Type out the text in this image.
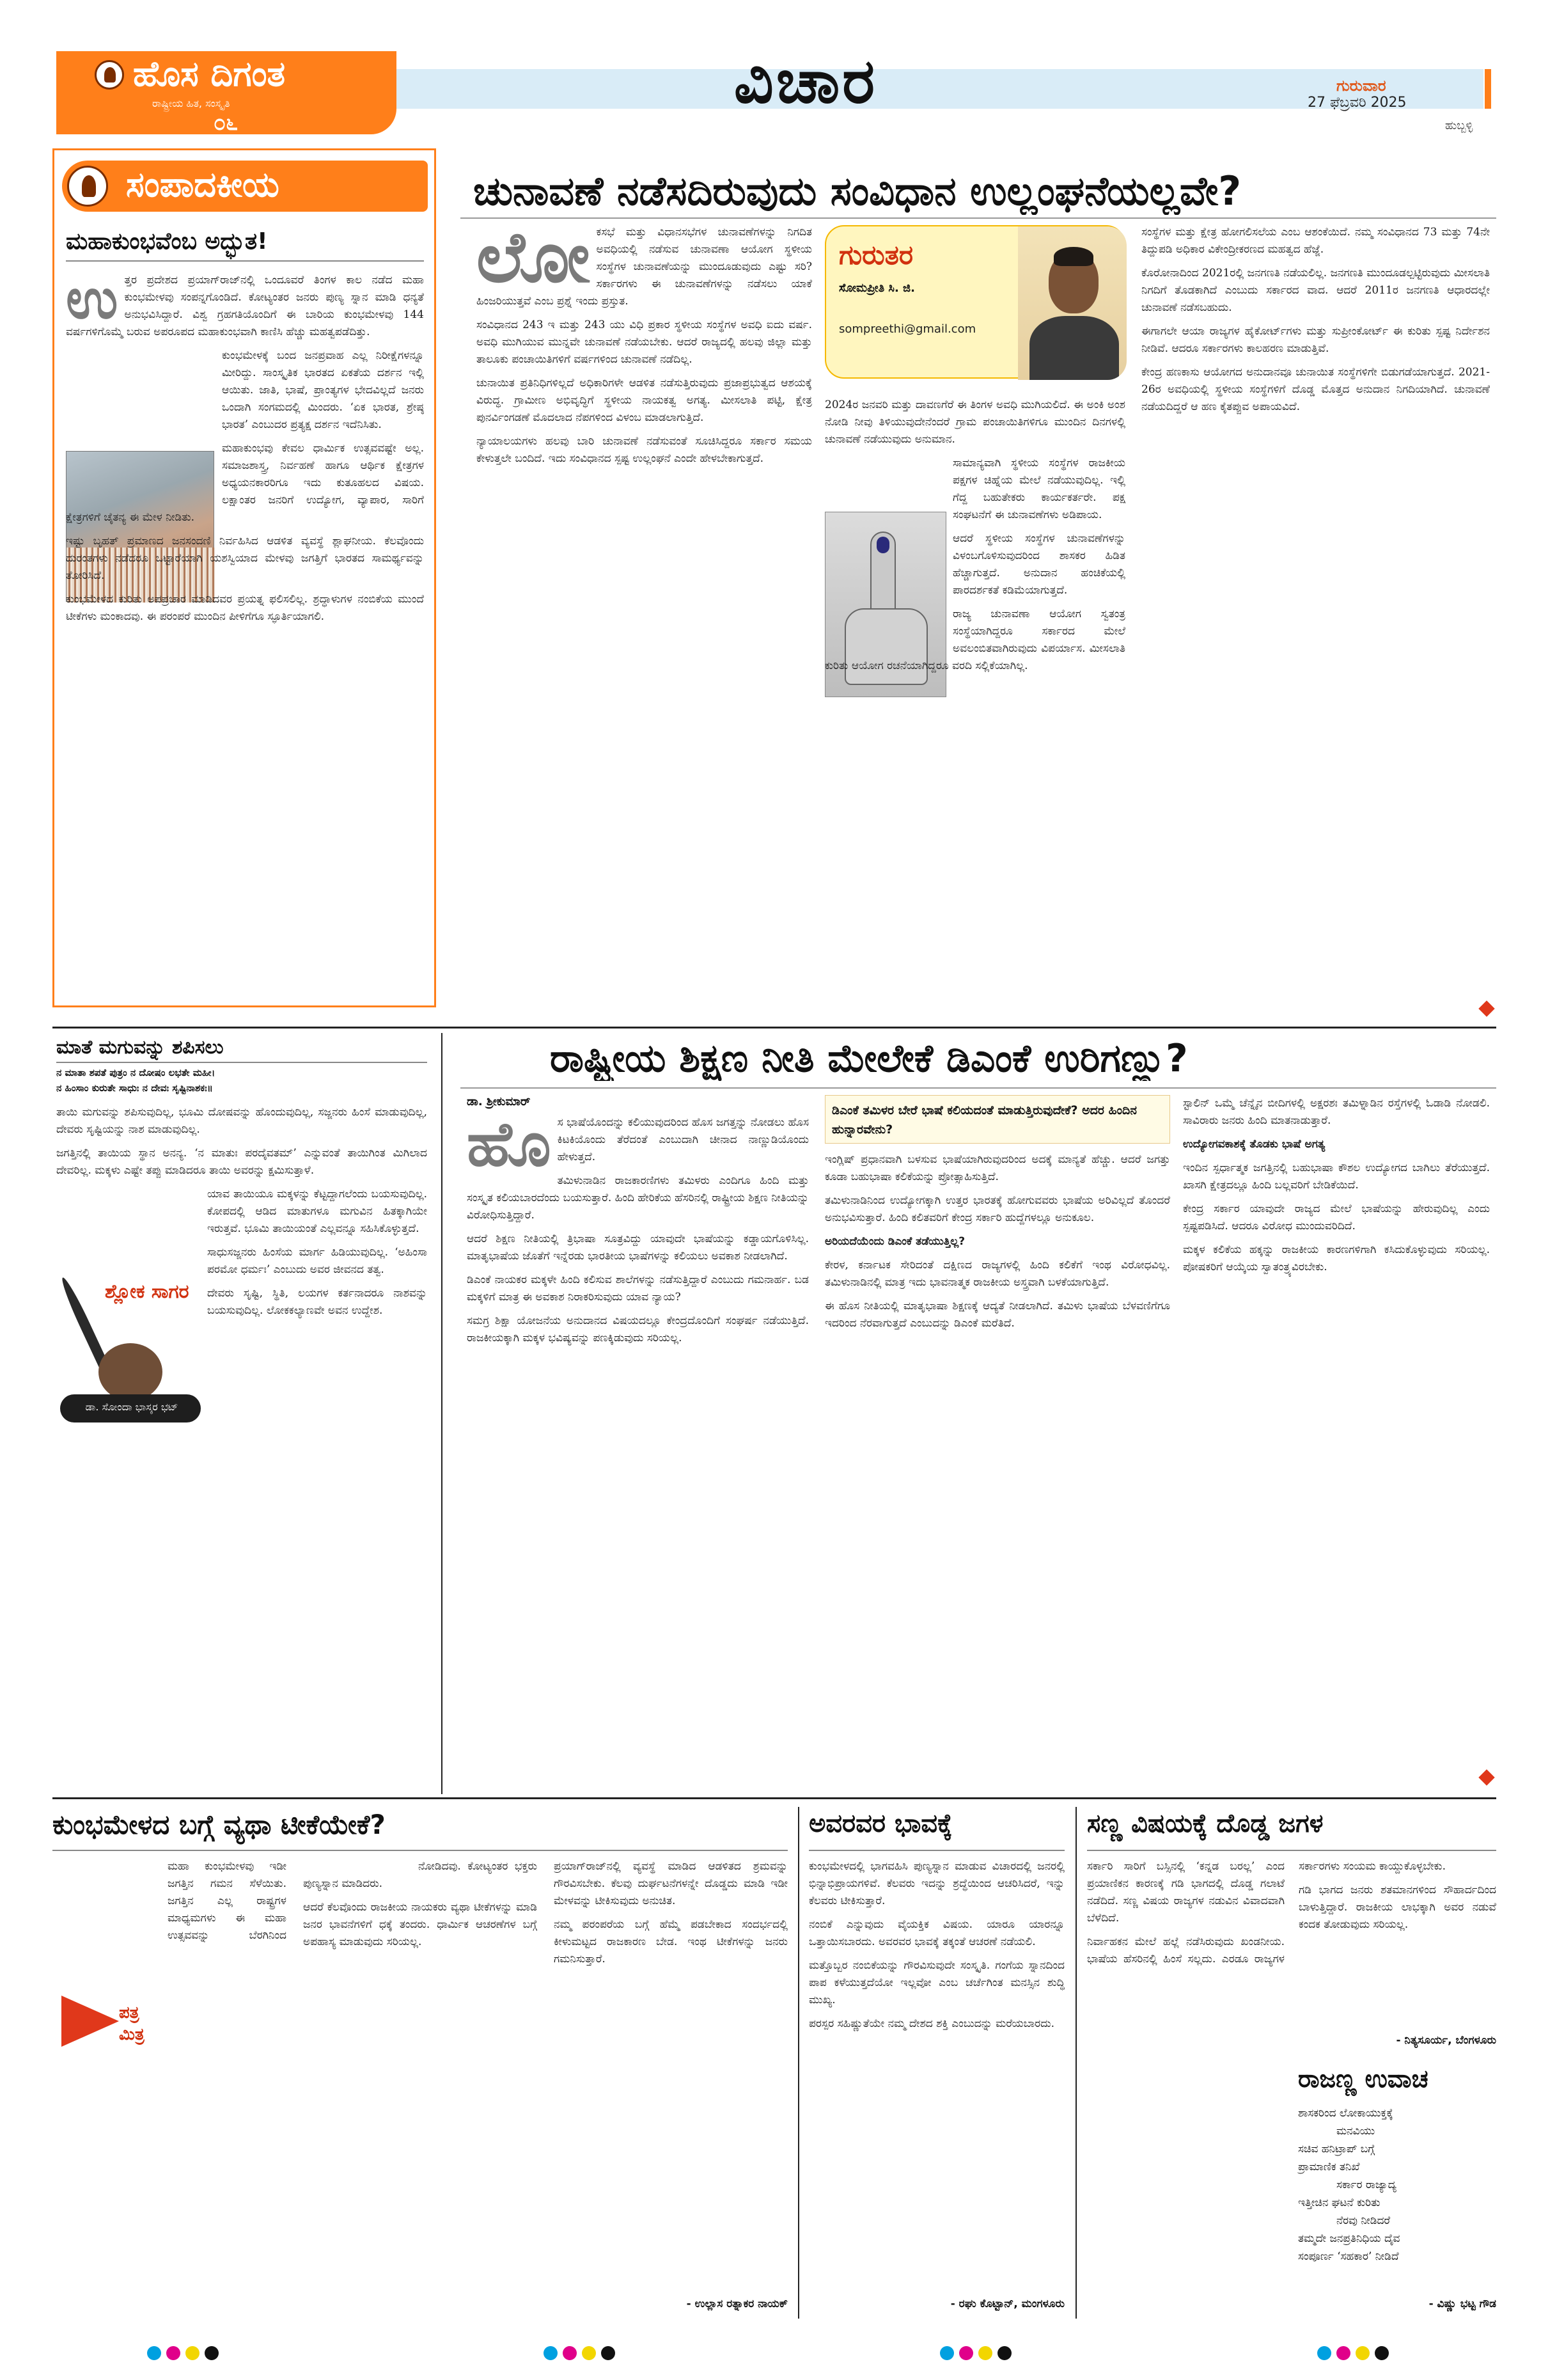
ಹೊಸ ದಿಗಂತ
ರಾಷ್ಟ್ರೀಯ ಹಿತ, ಸಂಸ್ಕೃತಿ
೦೬
ವಿಚಾರ	ಗುರುವಾರ
27 ಫೆಬ್ರವರಿ 2025
ಹುಬ್ಬಳ್ಳಿ
ಸಂಪಾದಕೀಯ
ಮಹಾಕುಂಭವೆಂಬ ಅದ್ಭುತ!
ಉ ತ್ತರ ಪ್ರದೇಶದ ಪ್ರಯಾಗ್‌ರಾಜ್‌ನಲ್ಲಿ ಒಂದೂವರೆ ತಿಂಗಳ ಕಾಲ ನಡೆದ ಮಹಾ ಕುಂಭಮೇಳವು ಸಂಪನ್ನಗೊಂಡಿದೆ. ಕೋಟ್ಯಂತರ ಜನರು ಪುಣ್ಯ ಸ್ನಾನ ಮಾಡಿ ಧನ್ಯತೆ ಅನುಭವಿಸಿದ್ದಾರೆ. ವಿಶ್ವ ಗ್ರಹಗತಿಯೊಂದಿಗೆ ಈ ಬಾರಿಯ ಕುಂಭಮೇಳವು 144 ವರ್ಷಗಳಿಗೊಮ್ಮೆ ಬರುವ ಅಪರೂಪದ ಮಹಾಕುಂಭವಾಗಿ ಕಾಣಿಸಿ ಹೆಚ್ಚು ಮಹತ್ವಪಡೆದಿತ್ತು.

ಕುಂಭಮೇಳಕ್ಕೆ ಬಂದ ಜನಪ್ರವಾಹ ಎಲ್ಲ ನಿರೀಕ್ಷೆಗಳನ್ನೂ ಮೀರಿದ್ದು. ಸಾಂಸ್ಕೃತಿಕ ಭಾರತದ ಏಕತೆಯ ದರ್ಶನ ಇಲ್ಲಿ ಆಯಿತು. ಜಾತಿ, ಭಾಷೆ, ಪ್ರಾಂತ್ಯಗಳ ಭೇದವಿಲ್ಲದೆ ಜನರು ಒಂದಾಗಿ ಸಂಗಮದಲ್ಲಿ ಮಿಂದರು. ‘ಏಕ ಭಾರತ, ಶ್ರೇಷ್ಠ ಭಾರತ’ ಎಂಬುದರ ಪ್ರತ್ಯಕ್ಷ ದರ್ಶನ ಇದೆನಿಸಿತು.

ಮಹಾಕುಂಭವು ಕೇವಲ ಧಾರ್ಮಿಕ ಉತ್ಸವವಷ್ಟೇ ಅಲ್ಲ. ಸಮಾಜಶಾಸ್ತ್ರ, ನಿರ್ವಹಣೆ ಹಾಗೂ ಆರ್ಥಿಕ ಕ್ಷೇತ್ರಗಳ ಅಧ್ಯಯನಕಾರರಿಗೂ ಇದು ಕುತೂಹಲದ ವಿಷಯ. ಲಕ್ಷಾಂತರ ಜನರಿಗೆ ಉದ್ಯೋಗ, ವ್ಯಾಪಾರ, ಸಾರಿಗೆ ಕ್ಷೇತ್ರಗಳಿಗೆ ಚೈತನ್ಯ ಈ ಮೇಳ ನೀಡಿತು.

ಇಷ್ಟು ಬೃಹತ್ ಪ್ರಮಾಣದ ಜನಸಂದಣಿ ನಿರ್ವಹಿಸಿದ ಆಡಳಿತ ವ್ಯವಸ್ಥೆ ಶ್ಲಾಘನೀಯ. ಕೆಲವೊಂದು ದುರಂತಗಳು ನಡೆದರೂ ಒಟ್ಟಾರೆಯಾಗಿ ಯಶಸ್ವಿಯಾದ ಮೇಳವು ಜಗತ್ತಿಗೆ ಭಾರತದ ಸಾಮರ್ಥ್ಯವನ್ನು ತೋರಿಸಿದೆ.

ಕುಂಭಮೇಳದ ಕುರಿತು ಅಪಪ್ರಚಾರ ಮಾಡಿದವರ ಪ್ರಯತ್ನ ಫಲಿಸಲಿಲ್ಲ. ಶ್ರದ್ಧಾಳುಗಳ ನಂಬಿಕೆಯ ಮುಂದೆ ಟೀಕೆಗಳು ಮಂಕಾದವು. ಈ ಪರಂಪರೆ ಮುಂದಿನ ಪೀಳಿಗೆಗೂ ಸ್ಫೂರ್ತಿಯಾಗಲಿ.

ಚುನಾವಣೆ ನಡೆಸದಿರುವುದು ಸಂವಿಧಾನ ಉಲ್ಲಂಘನೆಯಲ್ಲವೇ?
ಲೋ ಕಸಭೆ ಮತ್ತು ವಿಧಾನಸಭೆಗಳ ಚುನಾವಣೆಗಳನ್ನು ನಿಗದಿತ ಅವಧಿಯಲ್ಲಿ ನಡೆಸುವ ಚುನಾವಣಾ ಆಯೋಗ ಸ್ಥಳೀಯ ಸಂಸ್ಥೆಗಳ ಚುನಾವಣೆಯನ್ನು ಮುಂದೂಡುವುದು ಎಷ್ಟು ಸರಿ? ಸರ್ಕಾರಗಳು ಈ ಚುನಾವಣೆಗಳನ್ನು ನಡೆಸಲು ಯಾಕೆ ಹಿಂಜರಿಯುತ್ತವೆ ಎಂಬ ಪ್ರಶ್ನೆ ಇಂದು ಪ್ರಸ್ತುತ.

ಸಂವಿಧಾನದ 243 ಇ ಮತ್ತು 243 ಯು ವಿಧಿ ಪ್ರಕಾರ ಸ್ಥಳೀಯ ಸಂಸ್ಥೆಗಳ ಅವಧಿ ಐದು ವರ್ಷ. ಅವಧಿ ಮುಗಿಯುವ ಮುನ್ನವೇ ಚುನಾವಣೆ ನಡೆಯಬೇಕು. ಆದರೆ ರಾಜ್ಯದಲ್ಲಿ ಹಲವು ಜಿಲ್ಲಾ ಮತ್ತು ತಾಲೂಕು ಪಂಚಾಯಿತಿಗಳಿಗೆ ವರ್ಷಗಳಿಂದ ಚುನಾವಣೆ ನಡೆದಿಲ್ಲ.

ಚುನಾಯಿತ ಪ್ರತಿನಿಧಿಗಳಿಲ್ಲದೆ ಅಧಿಕಾರಿಗಳೇ ಆಡಳಿತ ನಡೆಸುತ್ತಿರುವುದು ಪ್ರಜಾಪ್ರಭುತ್ವದ ಆಶಯಕ್ಕೆ ವಿರುದ್ಧ. ಗ್ರಾಮೀಣ ಅಭಿವೃದ್ಧಿಗೆ ಸ್ಥಳೀಯ ನಾಯಕತ್ವ ಅಗತ್ಯ. ಮೀಸಲಾತಿ ಪಟ್ಟಿ, ಕ್ಷೇತ್ರ ಪುನರ್ವಿಂಗಡಣೆ ಮೊದಲಾದ ನೆಪಗಳಿಂದ ವಿಳಂಬ ಮಾಡಲಾಗುತ್ತಿದೆ.

ನ್ಯಾಯಾಲಯಗಳು ಹಲವು ಬಾರಿ ಚುನಾವಣೆ ನಡೆಸುವಂತೆ ಸೂಚಿಸಿದ್ದರೂ ಸರ್ಕಾರ ಸಮಯ ಕೇಳುತ್ತಲೇ ಬಂದಿದೆ. ಇದು ಸಂವಿಧಾನದ ಸ್ಪಷ್ಟ ಉಲ್ಲಂಘನೆ ಎಂದೇ ಹೇಳಬೇಕಾಗುತ್ತದೆ.

ಗುರುತರ
ಸೋಮಪ್ರೀತಿ ಸಿ. ಜಿ.
sompreethi@gmail.com

2024ರ ಜನವರಿ ಮತ್ತು ದಾವಣಗೆರೆ ಈ ತಿಂಗಳ ಅವಧಿ ಮುಗಿಯಲಿದೆ. ಈ ಅಂಕಿ ಅಂಶ ನೋಡಿ ನೀವು ತಿಳಿಯುವುದೇನೆಂದರೆ ಗ್ರಾಮ ಪಂಚಾಯಿತಿಗಳಿಗೂ ಮುಂದಿನ ದಿನಗಳಲ್ಲಿ ಚುನಾವಣೆ ನಡೆಯುವುದು ಅನುಮಾನ.

ಸಾಮಾನ್ಯವಾಗಿ ಸ್ಥಳೀಯ ಸಂಸ್ಥೆಗಳ ರಾಜಕೀಯ ಪಕ್ಷಗಳ ಚಿಹ್ನೆಯ ಮೇಲೆ ನಡೆಯುವುದಿಲ್ಲ. ಇಲ್ಲಿ ಗೆದ್ದ ಬಹುತೇಕರು ಕಾರ್ಯಕರ್ತರೇ. ಪಕ್ಷ ಸಂಘಟನೆಗೆ ಈ ಚುನಾವಣೆಗಳು ಅಡಿಪಾಯ.

ಆದರೆ ಸ್ಥಳೀಯ ಸಂಸ್ಥೆಗಳ ಚುನಾವಣೆಗಳನ್ನು ವಿಳಂಬಗೊಳಿಸುವುದರಿಂದ ಶಾಸಕರ ಹಿಡಿತ ಹೆಚ್ಚಾಗುತ್ತದೆ. ಅನುದಾನ ಹಂಚಿಕೆಯಲ್ಲಿ ಪಾರದರ್ಶಕತೆ ಕಡಿಮೆಯಾಗುತ್ತದೆ.

ರಾಜ್ಯ ಚುನಾವಣಾ ಆಯೋಗ ಸ್ವತಂತ್ರ ಸಂಸ್ಥೆಯಾಗಿದ್ದರೂ ಸರ್ಕಾರದ ಮೇಲೆ ಅವಲಂಬಿತವಾಗಿರುವುದು ವಿಪರ್ಯಾಸ. ಮೀಸಲಾತಿ ಕುರಿತು ಆಯೋಗ ರಚನೆಯಾಗಿದ್ದರೂ ವರದಿ ಸಲ್ಲಿಕೆಯಾಗಿಲ್ಲ.

ಸಂಸ್ಥೆಗಳ ಮತ್ತು ಕ್ಷೇತ್ರ ಹೋಗಲಿಸಲೆಯ ಎಂಬ ಆಶಂಕೆಯಿದೆ. ನಮ್ಮ ಸಂವಿಧಾನದ 73 ಮತ್ತು 74ನೇ ತಿದ್ದುಪಡಿ ಅಧಿಕಾರ ವಿಕೇಂದ್ರೀಕರಣದ ಮಹತ್ವದ ಹೆಜ್ಜೆ.

ಕೊರೋನಾದಿಂದ 2021ರಲ್ಲಿ ಜನಗಣತಿ ನಡೆಯಲಿಲ್ಲ. ಜನಗಣತಿ ಮುಂದೂಡಲ್ಪಟ್ಟಿರುವುದು ಮೀಸಲಾತಿ ನಿಗದಿಗೆ ತೊಡಕಾಗಿದೆ ಎಂಬುದು ಸರ್ಕಾರದ ವಾದ. ಆದರೆ 2011ರ ಜನಗಣತಿ ಆಧಾರದಲ್ಲೇ ಚುನಾವಣೆ ನಡೆಸಬಹುದು.

ಈಗಾಗಲೇ ಆಯಾ ರಾಜ್ಯಗಳ ಹೈಕೋರ್ಟ್‌ಗಳು ಮತ್ತು ಸುಪ್ರೀಂಕೋರ್ಟ್ ಈ ಕುರಿತು ಸ್ಪಷ್ಟ ನಿರ್ದೇಶನ ನೀಡಿವೆ. ಆದರೂ ಸರ್ಕಾರಗಳು ಕಾಲಹರಣ ಮಾಡುತ್ತಿವೆ.

ಕೇಂದ್ರ ಹಣಕಾಸು ಆಯೋಗದ ಅನುದಾನವೂ ಚುನಾಯಿತ ಸಂಸ್ಥೆಗಳಿಗೇ ಬಿಡುಗಡೆಯಾಗುತ್ತದೆ. 2021-26ರ ಅವಧಿಯಲ್ಲಿ ಸ್ಥಳೀಯ ಸಂಸ್ಥೆಗಳಿಗೆ ದೊಡ್ಡ ಮೊತ್ತದ ಅನುದಾನ ನಿಗದಿಯಾಗಿದೆ. ಚುನಾವಣೆ ನಡೆಯದಿದ್ದರೆ ಆ ಹಣ ಕೈತಪ್ಪುವ ಅಪಾಯವಿದೆ.

ಮಾತೆ ಮಗುವನ್ನು ಶಪಿಸಲು
ನ ಮಾತಾ ಶಪತೆ ಪುತ್ರಂ ನ ದೋಷಂ ಲಭತೇ ಮಹೀ।
ನ ಹಿಂಸಾಂ ಕುರುತೇ ಸಾಧುಃ ನ ದೇವಃ ಸೃಷ್ಟಿನಾಶಕಃ॥
ಶ್ಲೋಕ ಸಾಗರ
ಡಾ. ಸೋಂದಾ ಭಾಸ್ಕರ ಭಟ್

ತಾಯಿ ಮಗುವನ್ನು ಶಪಿಸುವುದಿಲ್ಲ, ಭೂಮಿ ದೋಷವನ್ನು ಹೊಂದುವುದಿಲ್ಲ, ಸಜ್ಜನರು ಹಿಂಸೆ ಮಾಡುವುದಿಲ್ಲ, ದೇವರು ಸೃಷ್ಟಿಯನ್ನು ನಾಶ ಮಾಡುವುದಿಲ್ಲ.

ಜಗತ್ತಿನಲ್ಲಿ ತಾಯಿಯ ಸ್ಥಾನ ಅನನ್ಯ. ‘ನ ಮಾತುಃ ಪರದೈವತಮ್’ ಎನ್ನುವಂತೆ ತಾಯಿಗಿಂತ ಮಿಗಿಲಾದ ದೇವರಿಲ್ಲ. ಮಕ್ಕಳು ಎಷ್ಟೇ ತಪ್ಪು ಮಾಡಿದರೂ ತಾಯಿ ಅವರನ್ನು ಕ್ಷಮಿಸುತ್ತಾಳೆ.

ಯಾವ ತಾಯಿಯೂ ಮಕ್ಕಳನ್ನು ಕೆಟ್ಟದ್ದಾಗಲೆಂದು ಬಯಸುವುದಿಲ್ಲ. ಕೋಪದಲ್ಲಿ ಆಡಿದ ಮಾತುಗಳೂ ಮಗುವಿನ ಹಿತಕ್ಕಾಗಿಯೇ ಇರುತ್ತವೆ. ಭೂಮಿ ತಾಯಿಯಂತೆ ಎಲ್ಲವನ್ನೂ ಸಹಿಸಿಕೊಳ್ಳುತ್ತದೆ.

ಸಾಧುಸಜ್ಜನರು ಹಿಂಸೆಯ ಮಾರ್ಗ ಹಿಡಿಯುವುದಿಲ್ಲ. ‘ಅಹಿಂಸಾ ಪರಮೋ ಧರ್ಮಃ’ ಎಂಬುದು ಅವರ ಜೀವನದ ತತ್ವ.

ದೇವರು ಸೃಷ್ಟಿ, ಸ್ಥಿತಿ, ಲಯಗಳ ಕರ್ತನಾದರೂ ನಾಶವನ್ನು ಬಯಸುವುದಿಲ್ಲ. ಲೋಕಕಲ್ಯಾಣವೇ ಅವನ ಉದ್ದೇಶ.

ರಾಷ್ಟ್ರೀಯ ಶಿಕ್ಷಣ ನೀತಿ ಮೇಲೇಕೆ ಡಿಎಂಕೆ ಉರಿಗಣ್ಣು?
ಡಾ. ಶ್ರೀಕುಮಾರ್
ಹೊ ಸ ಭಾಷೆಯೊಂದನ್ನು ಕಲಿಯುವುದರಿಂದ ಹೊಸ ಜಗತ್ತನ್ನು ನೋಡಲು ಹೊಸ ಕಿಟಕಿಯೊಂದು ತೆರೆದಂತೆ ಎಂಬುದಾಗಿ ಚೀನಾದ ನಾಣ್ಣುಡಿಯೊಂದು ಹೇಳುತ್ತದೆ.

ತಮಿಳುನಾಡಿನ ರಾಜಕಾರಣಿಗಳು ತಮಿಳರು ಎಂದಿಗೂ ಹಿಂದಿ ಮತ್ತು ಸಂಸ್ಕೃತ ಕಲಿಯಬಾರದೆಂದು ಬಯಸುತ್ತಾರೆ. ಹಿಂದಿ ಹೇರಿಕೆಯ ಹೆಸರಿನಲ್ಲಿ ರಾಷ್ಟ್ರೀಯ ಶಿಕ್ಷಣ ನೀತಿಯನ್ನು ವಿರೋಧಿಸುತ್ತಿದ್ದಾರೆ.

ಆದರೆ ಶಿಕ್ಷಣ ನೀತಿಯಲ್ಲಿ ತ್ರಿಭಾಷಾ ಸೂತ್ರವಿದ್ದು ಯಾವುದೇ ಭಾಷೆಯನ್ನು ಕಡ್ಡಾಯಗೊಳಿಸಿಲ್ಲ. ಮಾತೃಭಾಷೆಯ ಜೊತೆಗೆ ಇನ್ನೆರಡು ಭಾರತೀಯ ಭಾಷೆಗಳನ್ನು ಕಲಿಯಲು ಅವಕಾಶ ನೀಡಲಾಗಿದೆ.

ಡಿಎಂಕೆ ನಾಯಕರ ಮಕ್ಕಳೇ ಹಿಂದಿ ಕಲಿಸುವ ಶಾಲೆಗಳನ್ನು ನಡೆಸುತ್ತಿದ್ದಾರೆ ಎಂಬುದು ಗಮನಾರ್ಹ. ಬಡ ಮಕ್ಕಳಿಗೆ ಮಾತ್ರ ಈ ಅವಕಾಶ ನಿರಾಕರಿಸುವುದು ಯಾವ ನ್ಯಾಯ?

ಸಮಗ್ರ ಶಿಕ್ಷಾ ಯೋಜನೆಯ ಅನುದಾನದ ವಿಷಯದಲ್ಲೂ ಕೇಂದ್ರದೊಂದಿಗೆ ಸಂಘರ್ಷ ನಡೆಯುತ್ತಿದೆ. ರಾಜಕೀಯಕ್ಕಾಗಿ ಮಕ್ಕಳ ಭವಿಷ್ಯವನ್ನು ಪಣಕ್ಕಿಡುವುದು ಸರಿಯಲ್ಲ.

ಡಿಎಂಕೆ ತಮಿಳರ ಬೇರೆ ಭಾಷೆ ಕಲಿಯದಂತೆ ಮಾಡುತ್ತಿರುವುದೇಕೆ? ಅದರ ಹಿಂದಿನ ಹುನ್ನಾರವೇನು?

ಇಂಗ್ಲಿಷ್ ಪ್ರಧಾನವಾಗಿ ಬಳಸುವ ಭಾಷೆಯಾಗಿರುವುದರಿಂದ ಅದಕ್ಕೆ ಮಾನ್ಯತೆ ಹೆಚ್ಚು. ಆದರೆ ಜಗತ್ತು ಕೂಡಾ ಬಹುಭಾಷಾ ಕಲಿಕೆಯನ್ನು ಪ್ರೋತ್ಸಾಹಿಸುತ್ತಿದೆ.

ತಮಿಳುನಾಡಿನಿಂದ ಉದ್ಯೋಗಕ್ಕಾಗಿ ಉತ್ತರ ಭಾರತಕ್ಕೆ ಹೋಗುವವರು ಭಾಷೆಯ ಅರಿವಿಲ್ಲದೆ ತೊಂದರೆ ಅನುಭವಿಸುತ್ತಾರೆ. ಹಿಂದಿ ಕಲಿತವರಿಗೆ ಕೇಂದ್ರ ಸರ್ಕಾರಿ ಹುದ್ದೆಗಳಲ್ಲೂ ಅನುಕೂಲ.

ಅರಿಯದೆಯೆಂದು ಡಿಎಂಕೆ ತಡೆಯುತ್ತಿಲ್ಲ?

ಕೇರಳ, ಕರ್ನಾಟಕ ಸೇರಿದಂತೆ ದಕ್ಷಿಣದ ರಾಜ್ಯಗಳಲ್ಲಿ ಹಿಂದಿ ಕಲಿಕೆಗೆ ಇಂಥ ವಿರೋಧವಿಲ್ಲ. ತಮಿಳುನಾಡಿನಲ್ಲಿ ಮಾತ್ರ ಇದು ಭಾವನಾತ್ಮಕ ರಾಜಕೀಯ ಅಸ್ತ್ರವಾಗಿ ಬಳಕೆಯಾಗುತ್ತಿದೆ.

ಈ ಹೊಸ ನೀತಿಯಲ್ಲಿ ಮಾತೃಭಾಷಾ ಶಿಕ್ಷಣಕ್ಕೆ ಆದ್ಯತೆ ನೀಡಲಾಗಿದೆ. ತಮಿಳು ಭಾಷೆಯ ಬೆಳವಣಿಗೆಗೂ ಇದರಿಂದ ನೆರವಾಗುತ್ತದೆ ಎಂಬುದನ್ನು ಡಿಎಂಕೆ ಮರೆತಿದೆ.

ಸ್ಟಾಲಿನ್ ಒಮ್ಮೆ ಚೆನ್ನೈನ ಬೀದಿಗಳಲ್ಲಿ ಅಕ್ಷರಶಃ ತಮಿಳ್ನಾಡಿನ ರಸ್ತೆಗಳಲ್ಲಿ ಓಡಾಡಿ ನೋಡಲಿ. ಸಾವಿರಾರು ಜನರು ಹಿಂದಿ ಮಾತನಾಡುತ್ತಾರೆ.

ಉದ್ಯೋಗವಕಾಶಕ್ಕೆ ತೊಡಕು ಭಾಷೆ ಅಗತ್ಯ

ಇಂದಿನ ಸ್ಪರ್ಧಾತ್ಮಕ ಜಗತ್ತಿನಲ್ಲಿ ಬಹುಭಾಷಾ ಕೌಶಲ ಉದ್ಯೋಗದ ಬಾಗಿಲು ತೆರೆಯುತ್ತದೆ. ಖಾಸಗಿ ಕ್ಷೇತ್ರದಲ್ಲೂ ಹಿಂದಿ ಬಲ್ಲವರಿಗೆ ಬೇಡಿಕೆಯಿದೆ.

ಕೇಂದ್ರ ಸರ್ಕಾರ ಯಾವುದೇ ರಾಜ್ಯದ ಮೇಲೆ ಭಾಷೆಯನ್ನು ಹೇರುವುದಿಲ್ಲ ಎಂದು ಸ್ಪಷ್ಟಪಡಿಸಿದೆ. ಆದರೂ ವಿರೋಧ ಮುಂದುವರಿದಿದೆ.

ಮಕ್ಕಳ ಕಲಿಕೆಯ ಹಕ್ಕನ್ನು ರಾಜಕೀಯ ಕಾರಣಗಳಿಗಾಗಿ ಕಸಿದುಕೊಳ್ಳುವುದು ಸರಿಯಲ್ಲ. ಪೋಷಕರಿಗೆ ಆಯ್ಕೆಯ ಸ್ವಾತಂತ್ರ್ಯವಿರಬೇಕು.

ಕುಂಭಮೇಳದ ಬಗ್ಗೆ ವ್ಯಥಾ ಟೀಕೆಯೇಕೆ?
ಪತ್ರ ಮಿತ್ರ

ಮಹಾ ಕುಂಭಮೇಳವು ಇಡೀ ಜಗತ್ತಿನ ಗಮನ ಸೆಳೆಯಿತು. ಜಗತ್ತಿನ ಎಲ್ಲ ರಾಷ್ಟ್ರಗಳ ಮಾಧ್ಯಮಗಳು ಈ ಮಹಾ ಉತ್ಸವವನ್ನು ಬೆರಗಿನಿಂದ ನೋಡಿದವು. ಕೋಟ್ಯಂತರ ಭಕ್ತರು ಪುಣ್ಯಸ್ನಾನ ಮಾಡಿದರು.

ಆದರೆ ಕೆಲವೊಂದು ರಾಜಕೀಯ ನಾಯಕರು ವ್ಯಥಾ ಟೀಕೆಗಳನ್ನು ಮಾಡಿ ಜನರ ಭಾವನೆಗಳಿಗೆ ಧಕ್ಕೆ ತಂದರು. ಧಾರ್ಮಿಕ ಆಚರಣೆಗಳ ಬಗ್ಗೆ ಅಪಹಾಸ್ಯ ಮಾಡುವುದು ಸರಿಯಲ್ಲ.

ಪ್ರಯಾಗ್‌ರಾಜ್‌ನಲ್ಲಿ ವ್ಯವಸ್ಥೆ ಮಾಡಿದ ಆಡಳಿತದ ಶ್ರಮವನ್ನು ಗೌರವಿಸಬೇಕು. ಕೆಲವು ದುರ್ಘಟನೆಗಳನ್ನೇ ದೊಡ್ಡದು ಮಾಡಿ ಇಡೀ ಮೇಳವನ್ನು ಟೀಕಿಸುವುದು ಅನುಚಿತ.

ನಮ್ಮ ಪರಂಪರೆಯ ಬಗ್ಗೆ ಹೆಮ್ಮೆ ಪಡಬೇಕಾದ ಸಂದರ್ಭದಲ್ಲಿ ಕೀಳುಮಟ್ಟದ ರಾಜಕಾರಣ ಬೇಡ. ಇಂಥ ಟೀಕೆಗಳನ್ನು ಜನರು ಗಮನಿಸುತ್ತಾರೆ.

- ಉಲ್ಲಾಸ ರತ್ನಾಕರ ನಾಯಕ್
ಅವರವರ ಭಾವಕ್ಕೆ

ಕುಂಭಮೇಳದಲ್ಲಿ ಭಾಗವಹಿಸಿ ಪುಣ್ಯಸ್ನಾನ ಮಾಡುವ ವಿಚಾರದಲ್ಲಿ ಜನರಲ್ಲಿ ಭಿನ್ನಾಭಿಪ್ರಾಯಗಳಿವೆ. ಕೆಲವರು ಇದನ್ನು ಶ್ರದ್ಧೆಯಿಂದ ಆಚರಿಸಿದರೆ, ಇನ್ನು ಕೆಲವರು ಟೀಕಿಸುತ್ತಾರೆ.

ನಂಬಿಕೆ ಎನ್ನುವುದು ವೈಯಕ್ತಿಕ ವಿಷಯ. ಯಾರೂ ಯಾರನ್ನೂ ಒತ್ತಾಯಿಸಬಾರದು. ಅವರವರ ಭಾವಕ್ಕೆ ತಕ್ಕಂತೆ ಆಚರಣೆ ನಡೆಯಲಿ.

ಮತ್ತೊಬ್ಬರ ನಂಬಿಕೆಯನ್ನು ಗೌರವಿಸುವುದೇ ಸಂಸ್ಕೃತಿ. ಗಂಗೆಯ ಸ್ನಾನದಿಂದ ಪಾಪ ಕಳೆಯುತ್ತದೆಯೋ ಇಲ್ಲವೋ ಎಂಬ ಚರ್ಚೆಗಿಂತ ಮನಸ್ಸಿನ ಶುದ್ಧಿ ಮುಖ್ಯ.

ಪರಸ್ಪರ ಸಹಿಷ್ಣುತೆಯೇ ನಮ್ಮ ದೇಶದ ಶಕ್ತಿ ಎಂಬುದನ್ನು ಮರೆಯಬಾರದು.

- ರಘು ಕೊಟ್ಟಾನ್, ಮಂಗಳೂರು
ಸಣ್ಣ ವಿಷಯಕ್ಕೆ ದೊಡ್ಡ ಜಗಳ

ಸರ್ಕಾರಿ ಸಾರಿಗೆ ಬಸ್ಸಿನಲ್ಲಿ ‘ಕನ್ನಡ ಬರಲ್ಲ’ ಎಂದ ಪ್ರಯಾಣಿಕನ ಕಾರಣಕ್ಕೆ ಗಡಿ ಭಾಗದಲ್ಲಿ ದೊಡ್ಡ ಗಲಾಟೆ ನಡೆದಿದೆ. ಸಣ್ಣ ವಿಷಯ ರಾಜ್ಯಗಳ ನಡುವಿನ ವಿವಾದವಾಗಿ ಬೆಳೆದಿದೆ.

ನಿರ್ವಾಹಕನ ಮೇಲೆ ಹಲ್ಲೆ ನಡೆಸಿರುವುದು ಖಂಡನೀಯ. ಭಾಷೆಯ ಹೆಸರಿನಲ್ಲಿ ಹಿಂಸೆ ಸಲ್ಲದು. ಎರಡೂ ರಾಜ್ಯಗಳ ಸರ್ಕಾರಗಳು ಸಂಯಮ ಕಾಯ್ದುಕೊಳ್ಳಬೇಕು.

ಗಡಿ ಭಾಗದ ಜನರು ಶತಮಾನಗಳಿಂದ ಸೌಹಾರ್ದದಿಂದ ಬಾಳುತ್ತಿದ್ದಾರೆ. ರಾಜಕೀಯ ಲಾಭಕ್ಕಾಗಿ ಅವರ ನಡುವೆ ಕಂದಕ ತೋಡುವುದು ಸರಿಯಲ್ಲ.

- ನಿತ್ಯಸೂರ್ಯ, ಬೆಂಗಳೂರು
ರಾಜಣ್ಣ ಉವಾಚ
ಶಾಸಕರಿಂದ ಲೋಕಾಯುಕ್ತಕ್ಕೆ
ಮನವಿಯು
ಸಚಿವ ಹನಿಟ್ರಾಪ್ ಬಗ್ಗೆ
ಪ್ರಾಮಾಣಿಕ ತನಿಖೆ
ಸರ್ಕಾರ ರಾಜ್ಯಾದ್ಯ
ಇತ್ತೀಚಿನ ಘಟನೆ ಕುರಿತು
ನೆರವು ನೀಡಿದರೆ
ತಮ್ಮದೇ ಜನಪ್ರತಿನಿಧಿಯ ದೈವ
ಸಂಪೂರ್ಣ ‘ಸಹಕಾರ’ ನೀಡಿದೆ
- ವಿಷ್ಣು ಭಟ್ಟ ಗೌಡ
